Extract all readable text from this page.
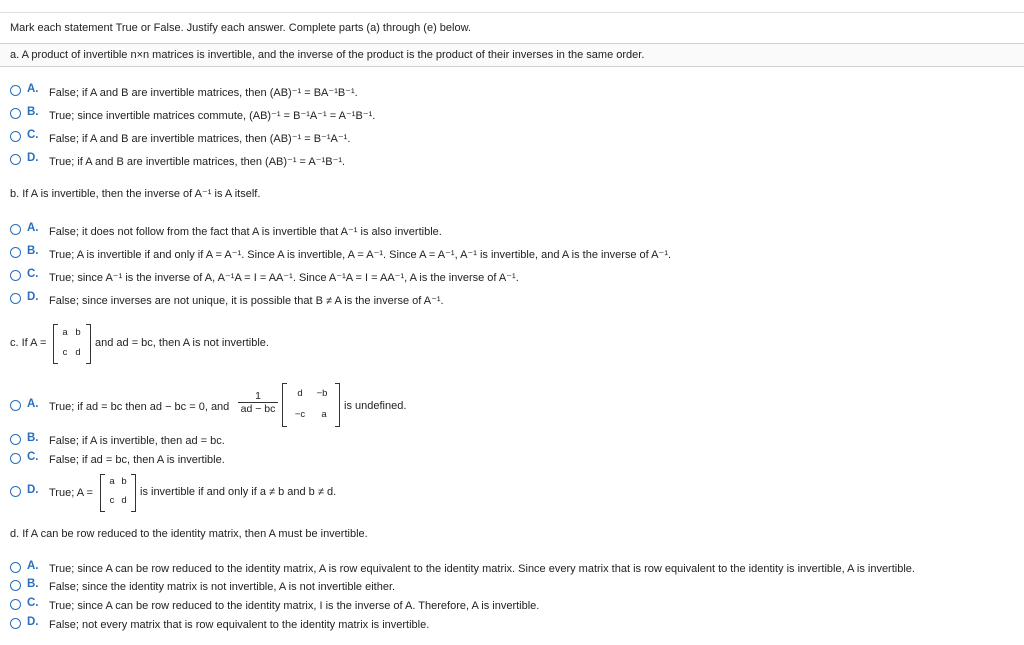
Mark each statement True or False. Justify each answer. Complete parts (a) through (e) below.
a. A product of invertible n×n matrices is invertible, and the inverse of the product is the product of their inverses in the same order.
A. False; if A and B are invertible matrices, then (AB)⁻¹ = BA⁻¹B⁻¹.
B. True; since invertible matrices commute, (AB)⁻¹ = B⁻¹A⁻¹ = A⁻¹B⁻¹.
C. False; if A and B are invertible matrices, then (AB)⁻¹ = B⁻¹A⁻¹.
D. True; if A and B are invertible matrices, then (AB)⁻¹ = A⁻¹B⁻¹.
b. If A is invertible, then the inverse of A⁻¹ is A itself.
A. False; it does not follow from the fact that A is invertible that A⁻¹ is also invertible.
B. True; A is invertible if and only if A = A⁻¹. Since A is invertible, A = A⁻¹. Since A = A⁻¹, A⁻¹ is invertible, and A is the inverse of A⁻¹.
C. True; since A⁻¹ is the inverse of A, A⁻¹A = I = AA⁻¹. Since A⁻¹A = I = AA⁻¹, A is the inverse of A⁻¹.
D. False; since inverses are not unique, it is possible that B ≠ A is the inverse of A⁻¹.
c. If A =
a b
c d
and ad = bc, then A is not invertible.
A. True; if ad = bc then ad − bc = 0, and $\frac{1}{ad - bc}$	d	−b
−c	a
is undefined.
B. False; if A is invertible, then ad = bc.
C. False; if ad = bc, then A is invertible.
D. True; A =
a b
c d
is invertible if and only if a ≠ b and b ≠ d.
d. If A can be row reduced to the identity matrix, then A must be invertible.
A. True; since A can be row reduced to the identity matrix, A is row equivalent to the identity matrix. Since every matrix that is row equivalent to the identity is invertible, A is invertible.
B. False; since the identity matrix is not invertible, A is not invertible either.
C. True; since A can be row reduced to the identity matrix, I is the inverse of A. Therefore, A is invertible.
D. False; not every matrix that is row equivalent to the identity matrix is invertible.
